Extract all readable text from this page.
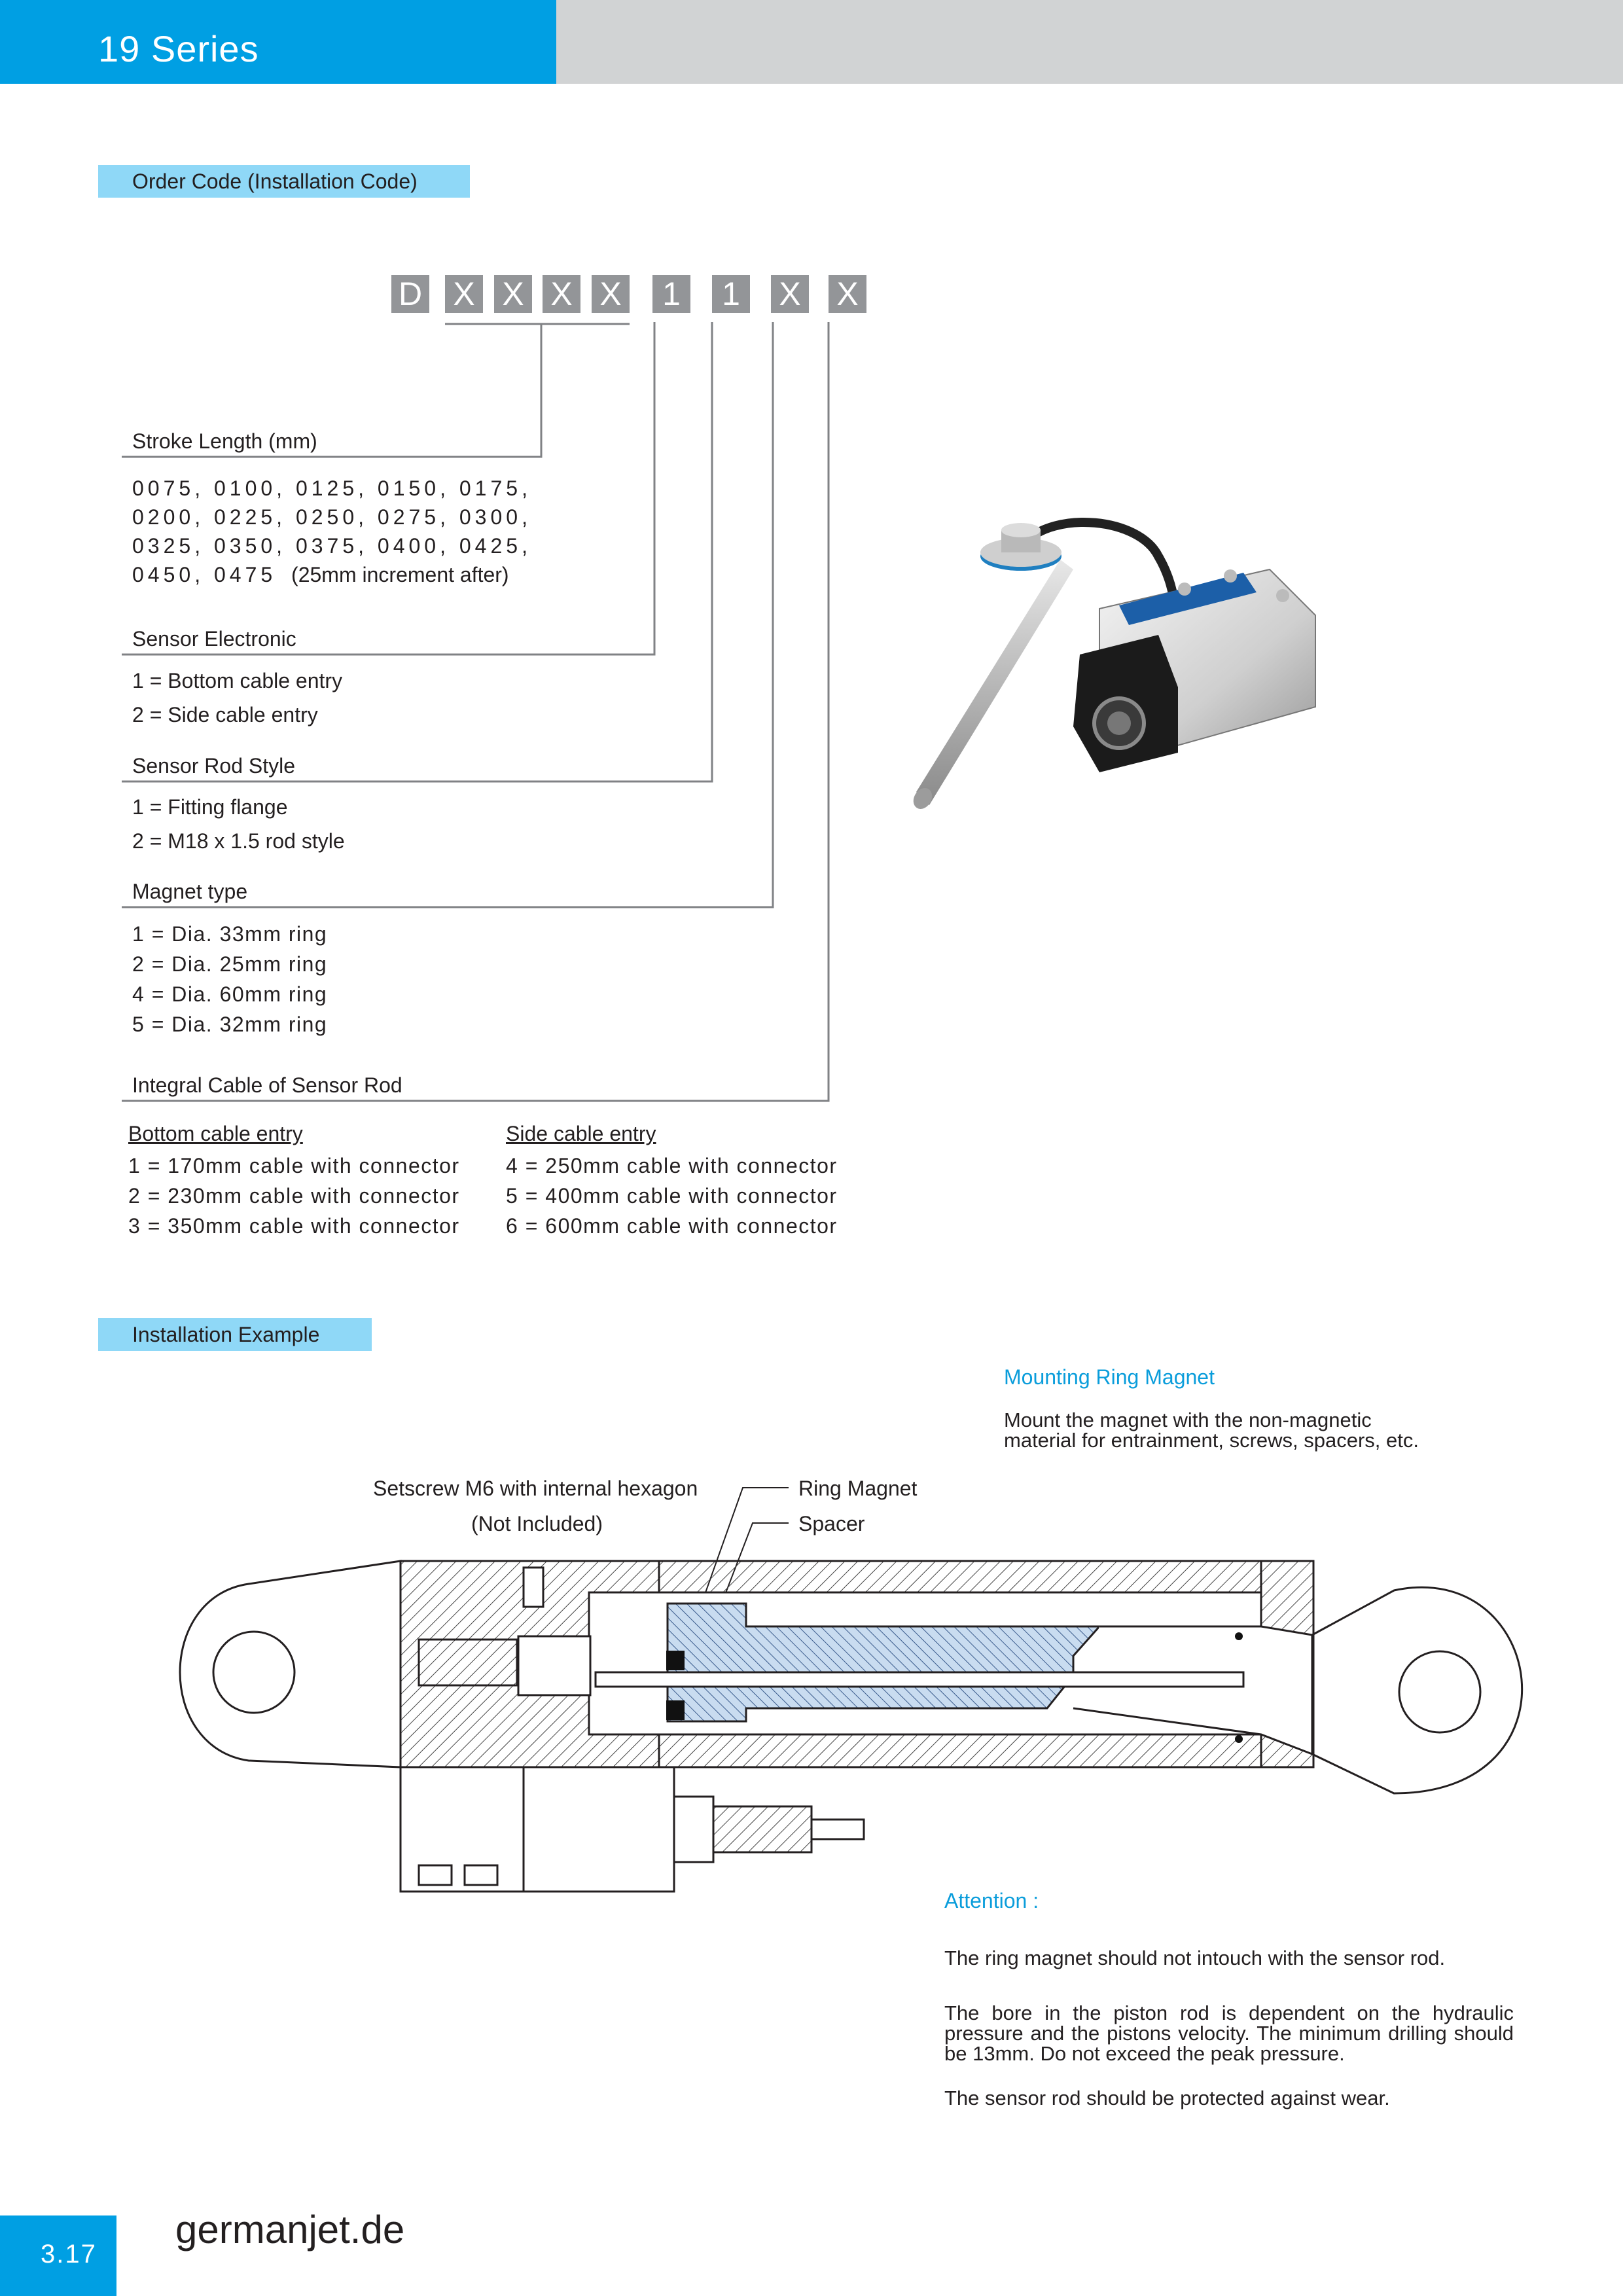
19 Series
Order Code (Installation Code)
D X X X X	1	1	X X
Stroke Length (mm)
0075, 0100, 0125, 0150, 0175,
0200, 0225, 0250, 0275, 0300,
0325, 0350, 0375, 0400, 0425,
0450, 0475 (25mm increment after)
Sensor Electronic
1 = Bottom cable entry
2 = Side cable entry
Sensor Rod Style
1 = Fitting flange
2 = M18 x 1.5 rod style
Magnet type
1 = Dia. 33mm ring
2 = Dia. 25mm ring
4 = Dia. 60mm ring
5 = Dia. 32mm ring
Integral Cable of Sensor Rod
Bottom cable entry
1 = 170mm cable with connector
2 = 230mm cable with connector
3 = 350mm cable with connector
Side cable entry
4 = 250mm cable with connector
5 = 400mm cable with connector
6 = 600mm cable with connector
Installation Example
Mounting Ring Magnet
Mount the magnet with the non-magnetic material for entrainment, screws, spacers, etc.
Setscrew M6 with internal hexagon
(Not Included)
Ring Magnet
Spacer
Attention :
The ring magnet should not intouch with the sensor rod.
The bore in the piston rod is dependent on the hydraulic pressure and the pistons velocity. The minimum drilling should be 13mm. Do not exceed the peak pressure.
The sensor rod should be protected against wear.
3.17
germanjet.de
